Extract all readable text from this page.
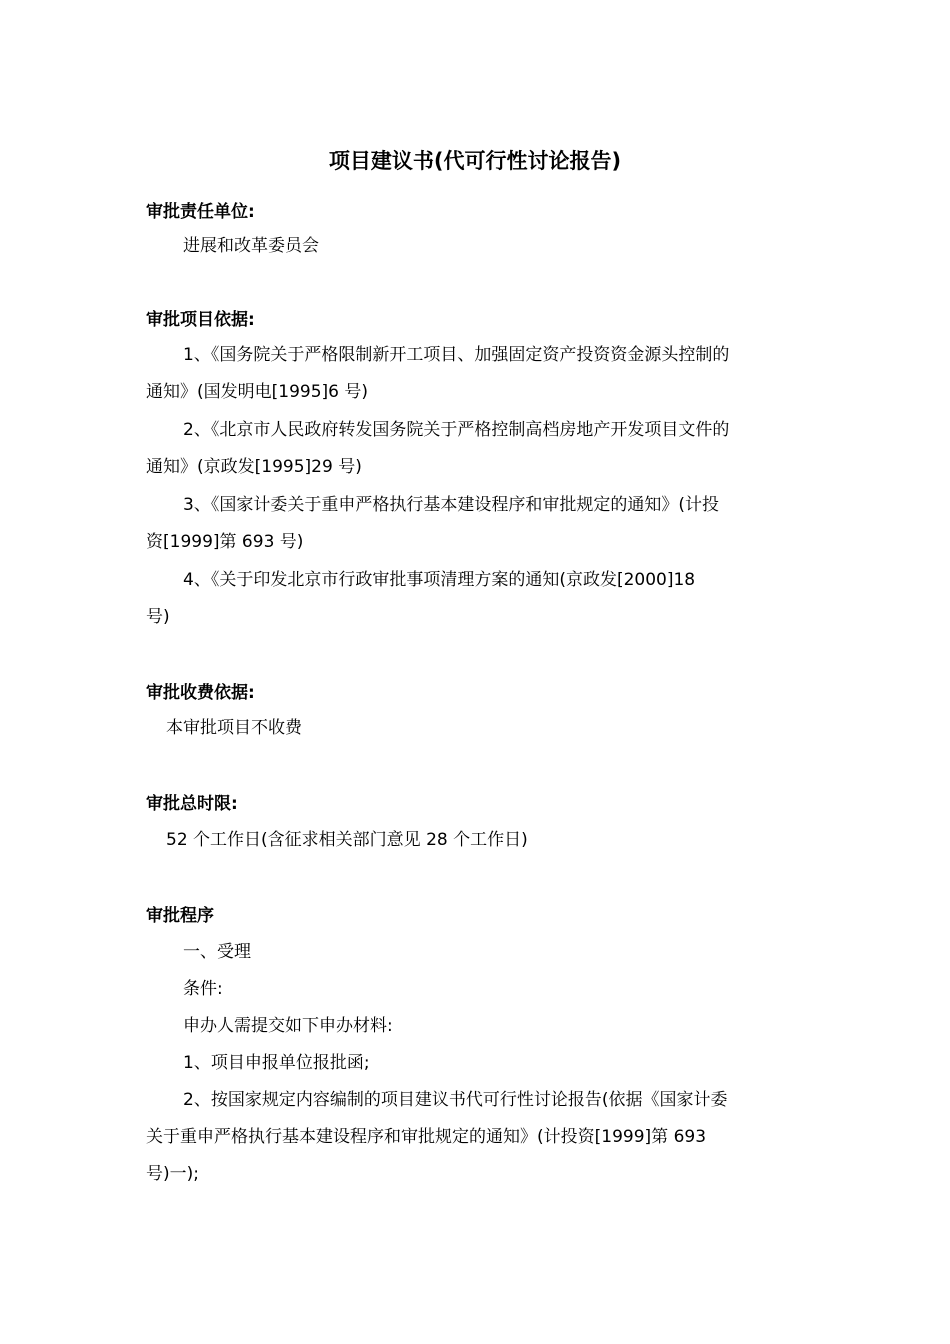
项目建议书(代可行性讨论报告)
审批责任单位:
进展和改革委员会
审批项目依据:
1、《国务院关于严格限制新开工项目、加强固定资产投资资金源头控制的
通知》(国发明电[1995]6 号)
2、《北京市人民政府转发国务院关于严格控制高档房地产开发项目文件的
通知》(京政发[1995]29 号)
3、《国家计委关于重申严格执行基本建设程序和审批规定的通知》(计投
资[1999]第 693 号)
4、《关于印发北京市行政审批事项清理方案的通知(京政发[2000]18
号)
审批收费依据:
本审批项目不收费
审批总时限:
52 个工作日(含征求相关部门意见 28 个工作日)
审批程序
一、受理
条件:
申办人需提交如下申办材料:
1、项目申报单位报批函;
2、按国家规定内容编制的项目建议书代可行性讨论报告(依据《国家计委
关于重申严格执行基本建设程序和审批规定的通知》(计投资[1999]第 693
号)一);
